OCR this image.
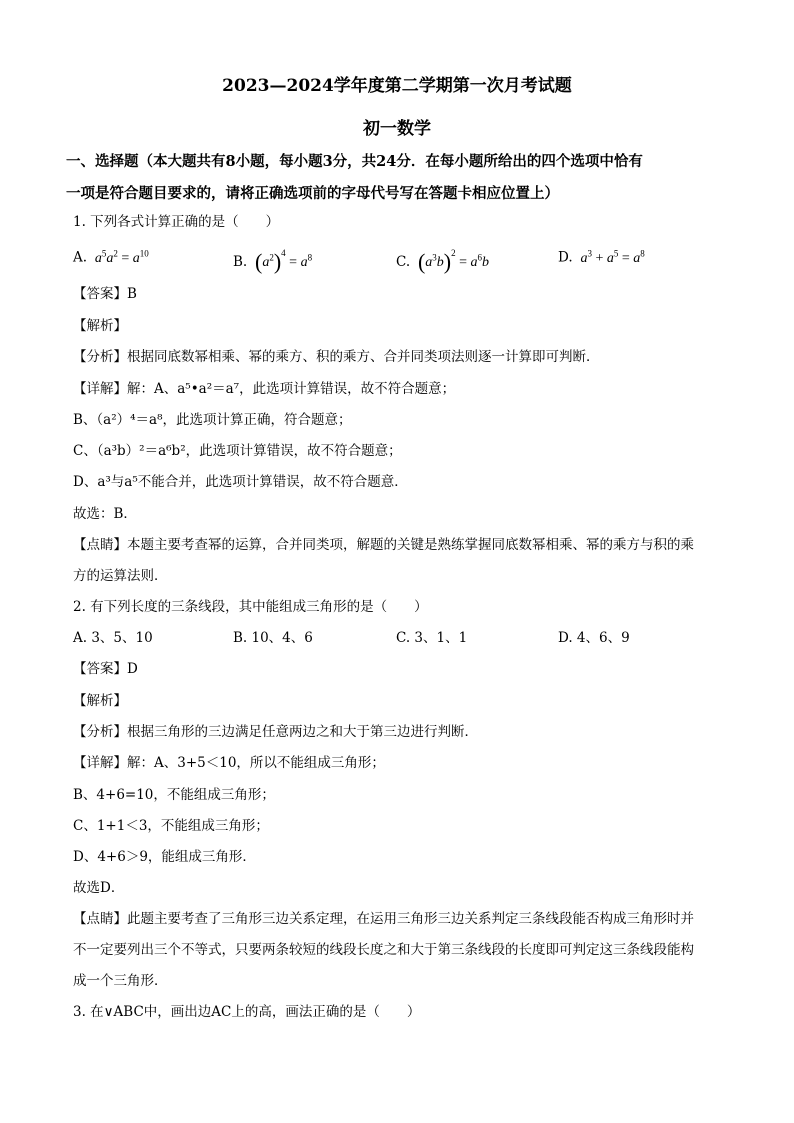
2023—2024学年度第二学期第一次月考试题
初一数学
一、选择题（本大题共有8小题，每小题3分，共24分．在每小题所给出的四个选项中恰有
一项是符合题目要求的，请将正确选项前的字母代号写在答题卡相应位置上）
1. 下列各式计算正确的是（　　）
A.  $a^5a^2 = a^{10}$
B. $(a^2)^4 = a^8$	C. $(a^3b)^2 = a^6b$	D.  $a^3 + a^5 = a^8$
【答案】B
【解析】
【分析】根据同底数幂相乘、幂的乘方、积的乘方、合并同类项法则逐一计算即可判断．
【详解】解：A、a⁵•a²＝a⁷，此选项计算错误，故不符合题意；
B、（a²）⁴＝a⁸，此选项计算正确，符合题意；
C、（a³b）²＝a⁶b²，此选项计算错误，故不符合题意；
D、a³与a⁵不能合并，此选项计算错误，故不符合题意．
故选：B．
【点睛】本题主要考查幂的运算，合并同类项，解题的关键是熟练掌握同底数幂相乘、幂的乘方与积的乘
方的运算法则．
2. 有下列长度的三条线段，其中能组成三角形的是（　　）
A. 3、5、10	B. 10、4、6	C. 3、1、1	D. 4、6、9
【答案】D
【解析】
【分析】根据三角形的三边满足任意两边之和大于第三边进行判断．
【详解】解：A、3+5＜10，所以不能组成三角形；
B、4+6=10，不能组成三角形；
C、1+1＜3，不能组成三角形；
D、4+6＞9，能组成三角形．
故选D．
【点睛】此题主要考查了三角形三边关系定理，在运用三角形三边关系判定三条线段能否构成三角形时并
不一定要列出三个不等式，只要两条较短的线段长度之和大于第三条线段的长度即可判定这三条线段能构
成一个三角形．
3. 在∨ABC中，画出边AC上的高，画法正确的是（　　）
